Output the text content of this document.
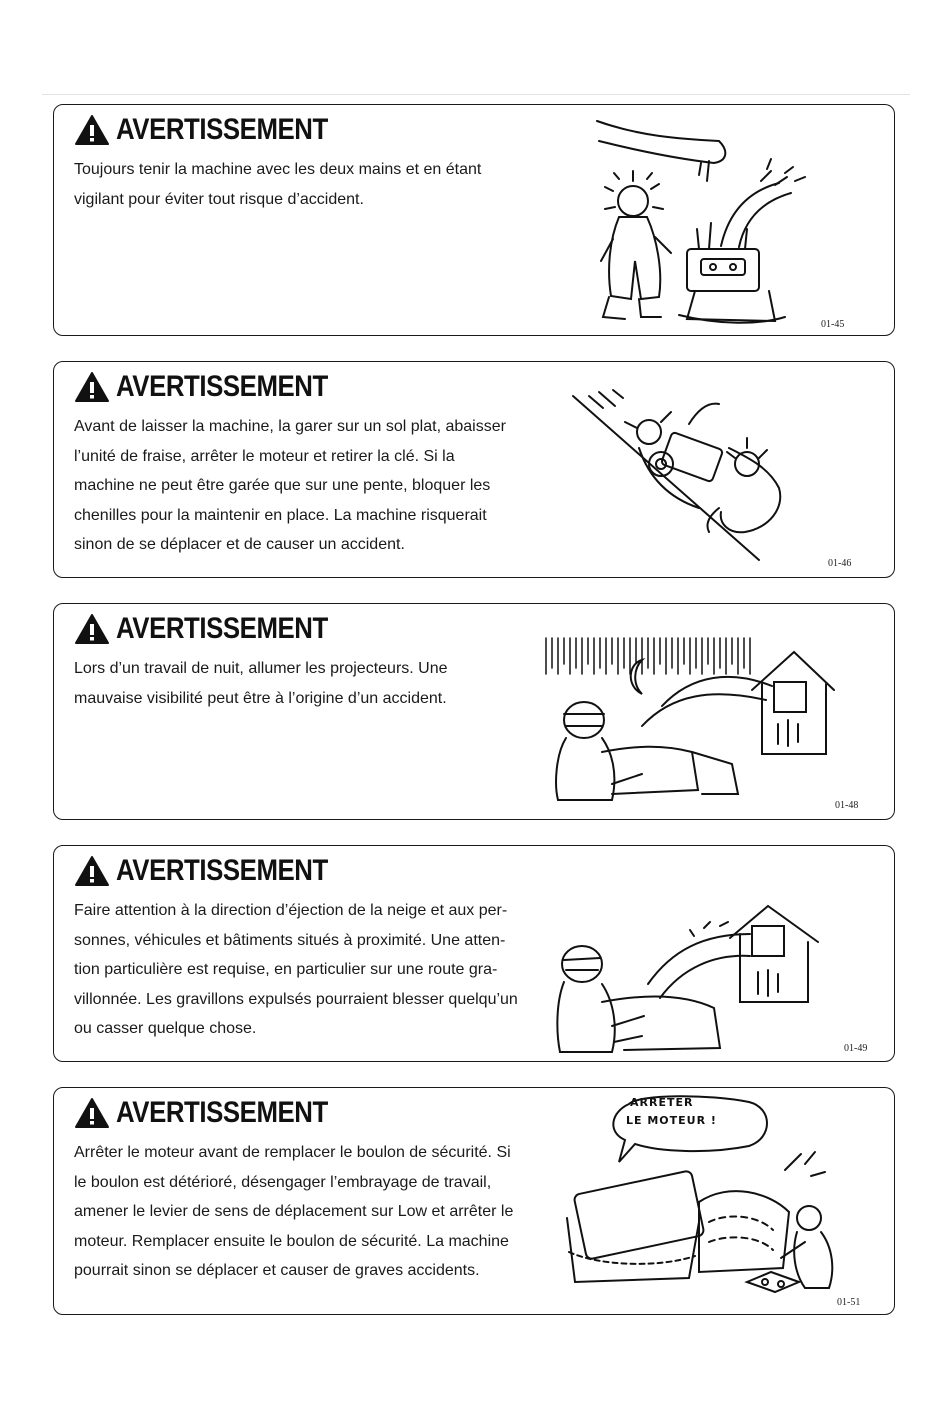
AVERTISSEMENT
Toujours tenir la machine avec les deux mains et en étant
vigilant pour éviter tout risque d’accident.
01-45
AVERTISSEMENT
Avant de laisser la machine, la garer sur un sol plat, abaisser
l’unité de fraise, arrêter le moteur et retirer la clé. Si la
machine ne peut être garée que sur une pente, bloquer les
chenilles pour la maintenir en place. La machine risquerait
sinon de se déplacer et de causer un accident.
01-46
AVERTISSEMENT
Lors d’un travail de nuit, allumer les projecteurs. Une
mauvaise visibilité peut être à l’origine d’un accident.
01-48
AVERTISSEMENT
Faire attention à la direction d’éjection de la neige et aux per-
sonnes, véhicules et bâtiments situés à proximité. Une atten-
tion particulière est requise, en particulier sur une route gra-
villonnée. Les gravillons expulsés pourraient blesser quelqu’un
ou casser quelque chose.
01-49
AVERTISSEMENT
Arrêter le moteur avant de remplacer le boulon de sécurité. Si
le boulon est détérioré, désengager l’embrayage de travail,
amener le levier de sens de déplacement sur Low et arrêter le
moteur. Remplacer ensuite le boulon de sécurité. La machine
pourrait sinon se déplacer et causer de graves accidents.
ARRÊTER
LE MOTEUR !
01-51
